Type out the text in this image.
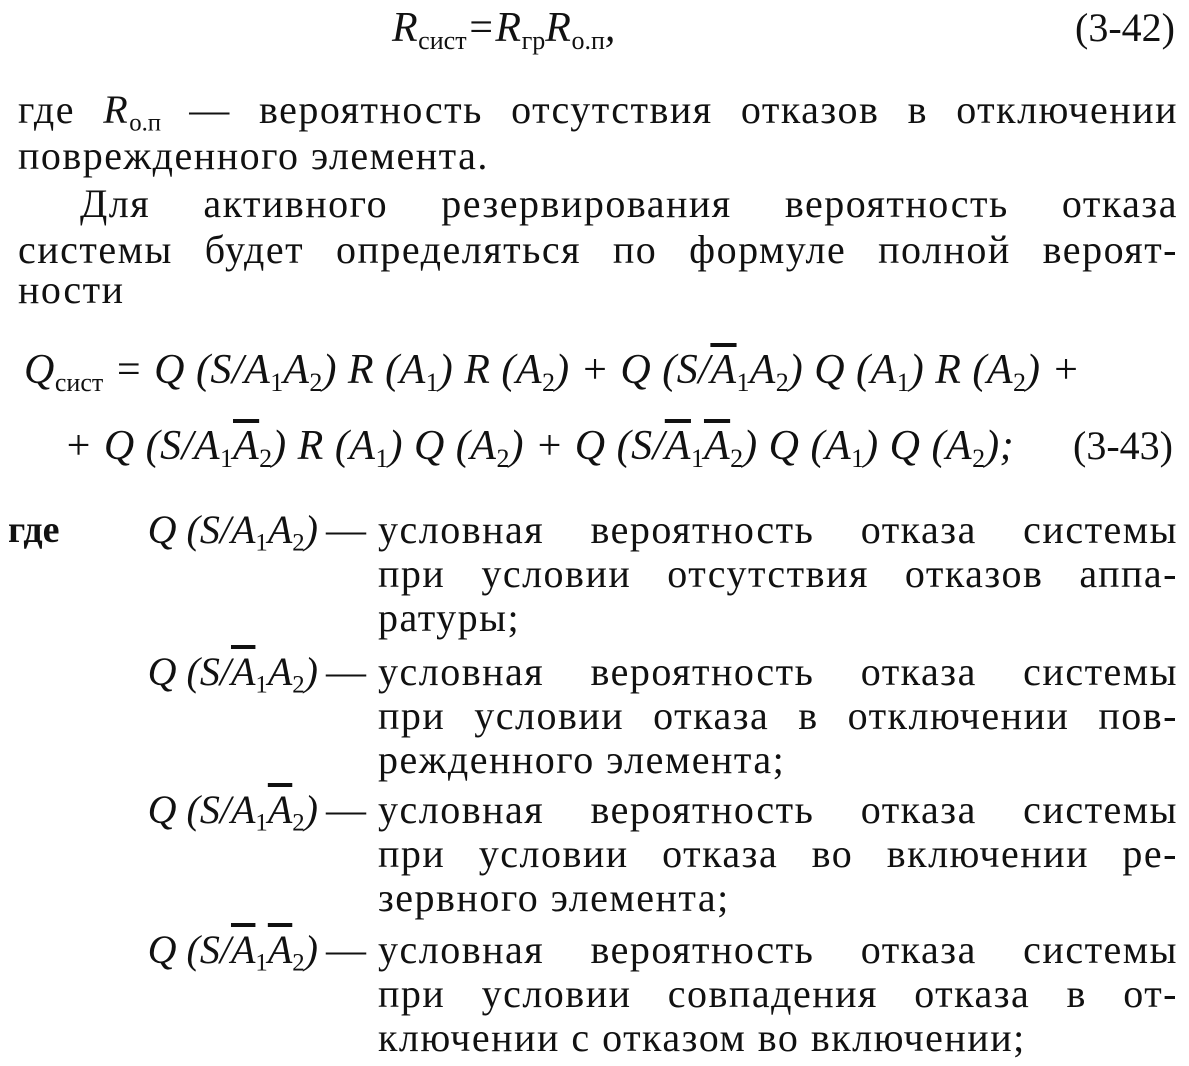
$R_{сист}=R_{гр}R_{о.п}$,	(3-42)
где $R_{о.п}$ — вероятность отсутствия отказов в отключении
поврежденного элемента.
Для активного резервирования вероятность отказа
системы будет определяться по формуле полной вероят-
ности
$Q_{сист} = Q$ $(S/A_1A_2)$ R $(A_1)$ R $(A_2) + Q$ $(S/\overline{A}_1A_2)$ Q $(A_1)$ R $(A_2)$ +
+ Q $(S/A_1\overline{A}_2)$ R $(A_1)$ Q $(A_2) + Q$ $(S/\overline{A}_1\overline{A}_2)$ Q $(A_1)$ Q $(A_2)$; (3-43)
где Q $(S/A_1A_2)$ — условная вероятность отказа системы
при условии отсутствия отказов аппа-
ратуры;
Q $(S/\overline{A}_1A_2)$ — условная вероятность отказа системы
при условии отказа в отключении пов-
режденного элемента;
Q $(S/A_1\overline{A}_2)$ — условная вероятность отказа системы
при условии отказа во включении ре-
зервного элемента;
Q $(S/\overline{A}_1\overline{A}_2)$ — условная вероятность отказа системы
при условии совпадения отказа в от-
ключении с отказом во включении;
